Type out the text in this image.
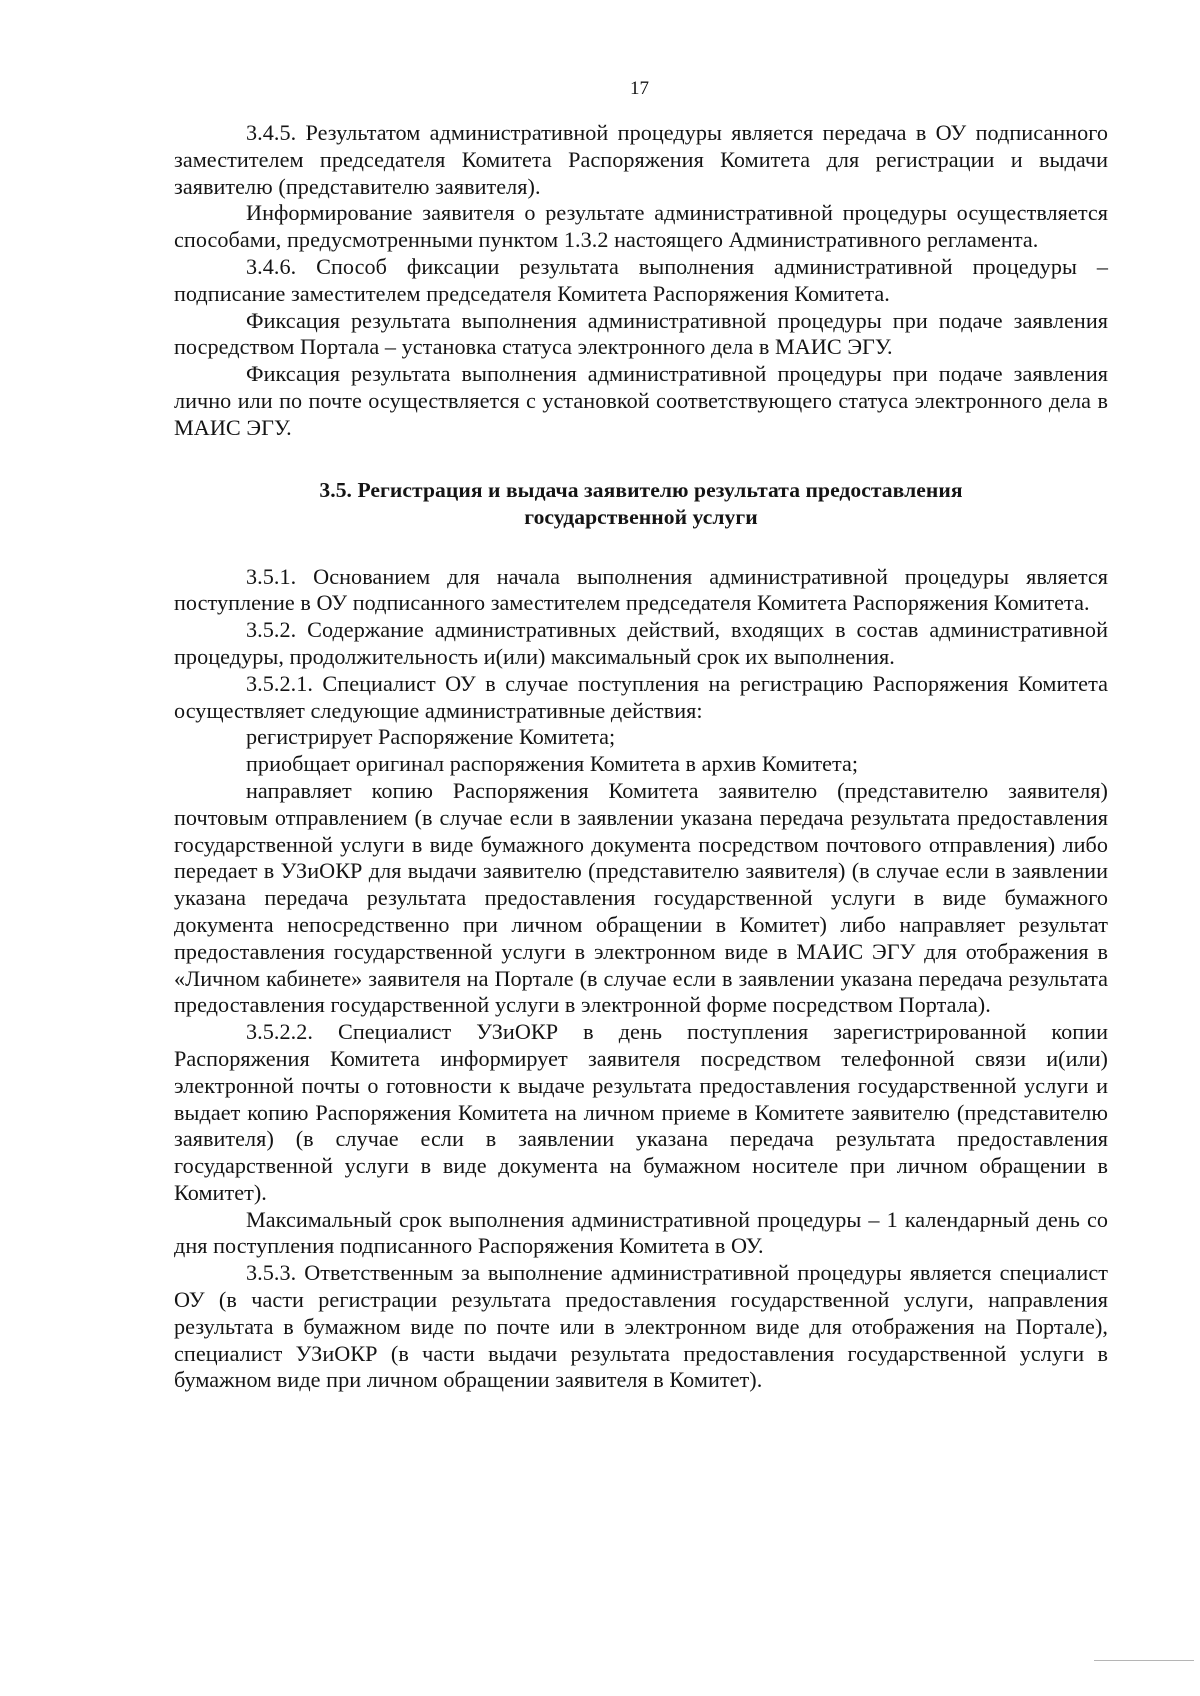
17

3.4.5. Результатом административной процедуры является передача в ОУ подписанного заместителем председателя Комитета Распоряжения Комитета для регистрации и выдачи заявителю (представителю заявителя).

Информирование заявителя о результате административной процедуры осуществляется способами, предусмотренными пунктом 1.3.2 настоящего Административного регламента.

3.4.6. Способ фиксации результата выполнения административной процедуры – подписание заместителем председателя Комитета Распоряжения Комитета.

Фиксация результата выполнения административной процедуры при подаче заявления посредством Портала – установка статуса электронного дела в МАИС ЭГУ.

Фиксация результата выполнения административной процедуры при подаче заявления лично или по почте осуществляется с установкой соответствующего статуса электронного дела в МАИС ЭГУ.

3.5. Регистрация и выдача заявителю результата предоставления
государственной услуги

3.5.1. Основанием для начала выполнения административной процедуры является поступление в ОУ подписанного заместителем председателя Комитета Распоряжения Комитета.

3.5.2. Содержание административных действий, входящих в состав административной процедуры, продолжительность и(или) максимальный срок их выполнения.

3.5.2.1. Специалист ОУ в случае поступления на регистрацию Распоряжения Комитета осуществляет следующие административные действия:

регистрирует Распоряжение Комитета;

приобщает оригинал распоряжения Комитета в архив Комитета;

направляет копию Распоряжения Комитета заявителю (представителю заявителя) почтовым отправлением (в случае если в заявлении указана передача результата предоставления государственной услуги в виде бумажного документа посредством почтового отправления) либо передает в УЗиОКР для выдачи заявителю (представителю заявителя) (в случае если в заявлении указана передача результата предоставления государственной услуги в виде бумажного документа непосредственно при личном обращении в Комитет) либо направляет результат предоставления государственной услуги в электронном виде в МАИС ЭГУ для отображения в «Личном кабинете» заявителя на Портале (в случае если в заявлении указана передача результата предоставления государственной услуги в электронной форме посредством Портала).

3.5.2.2. Специалист УЗиОКР в день поступления зарегистрированной копии Распоряжения Комитета информирует заявителя посредством телефонной связи и(или) электронной почты о готовности к выдаче результата предоставления государственной услуги и выдает копию Распоряжения Комитета на личном приеме в Комитете заявителю (представителю заявителя) (в случае если в заявлении указана передача результата предоставления государственной услуги в виде документа на бумажном носителе при личном обращении в Комитет).

Максимальный срок выполнения административной процедуры – 1 календарный день со дня поступления подписанного Распоряжения Комитета в ОУ.

3.5.3. Ответственным за выполнение административной процедуры является специалист ОУ (в части регистрации результата предоставления государственной услуги, направления результата в бумажном виде по почте или в электронном виде для отображения на Портале), специалист УЗиОКР (в части выдачи результата предоставления государственной услуги в бумажном виде при личном обращении заявителя в Комитет).
